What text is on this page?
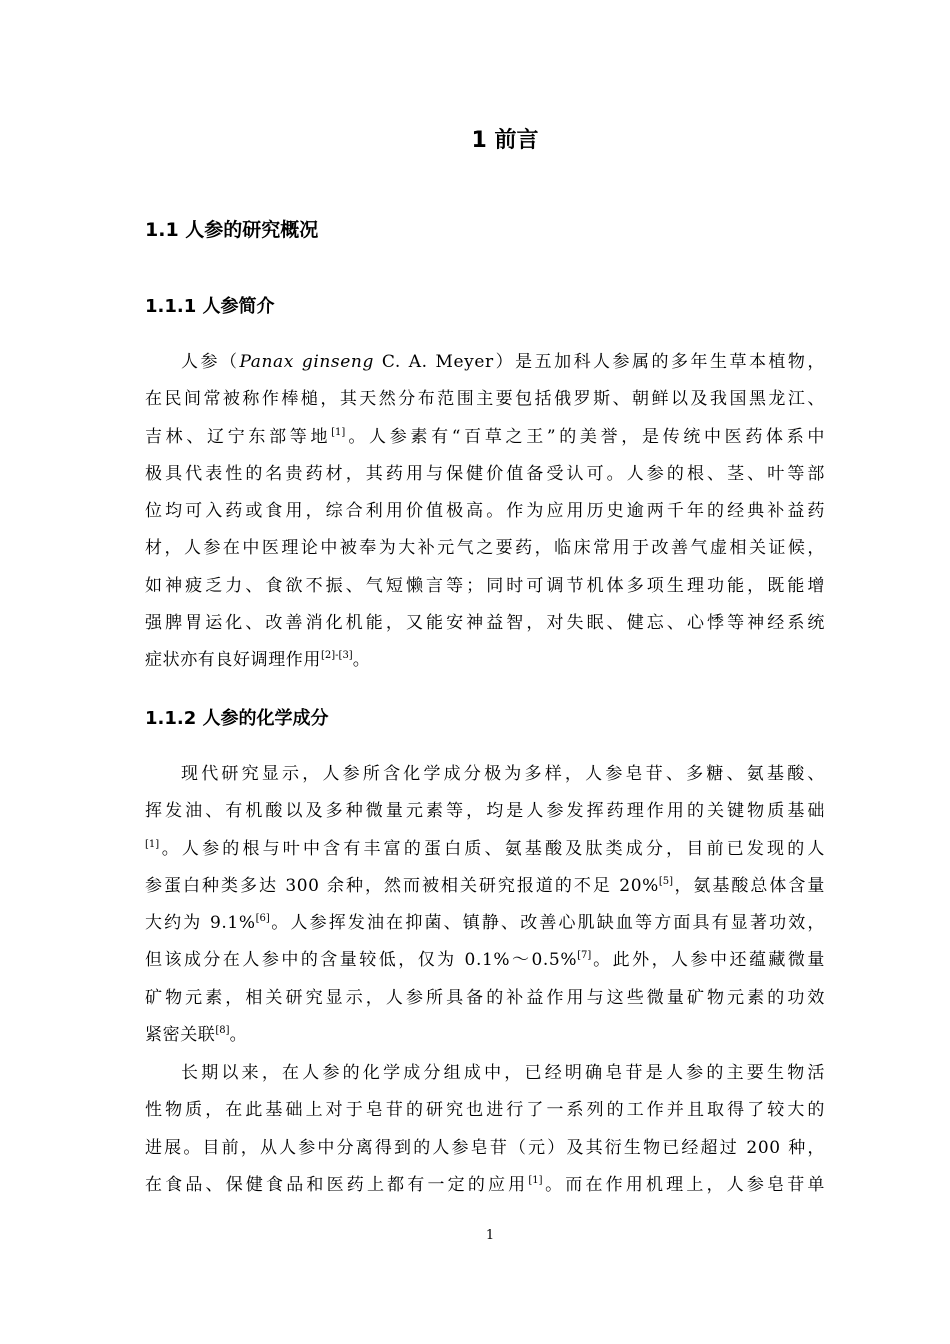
1 前言
1.1 人参的研究概况
1.1.1 人参简介
人参（Panax ginseng C. A. Meyer）是五加科人参属的多年生草本植物，
在民间常被称作棒槌，其天然分布范围主要包括俄罗斯、朝鲜以及我国黑龙江、
吉林、辽宁东部等地[1]。人参素有“百草之王”的美誉，是传统中医药体系中
极具代表性的名贵药材，其药用与保健价值备受认可。人参的根、茎、叶等部
位均可入药或食用，综合利用价值极高。作为应用历史逾两千年的经典补益药
材，人参在中医理论中被奉为大补元气之要药，临床常用于改善气虚相关证候，
如神疲乏力、食欲不振、气短懒言等；同时可调节机体多项生理功能，既能增
强脾胃运化、改善消化机能，又能安神益智，对失眠、健忘、心悸等神经系统
症状亦有良好调理作用[2]-[3]。
1.1.2 人参的化学成分
现代研究显示，人参所含化学成分极为多样，人参皂苷、多糖、氨基酸、
挥发油、有机酸以及多种微量元素等，均是人参发挥药理作用的关键物质基础
[1]。人参的根与叶中含有丰富的蛋白质、氨基酸及肽类成分，目前已发现的人
参蛋白种类多达 300 余种，然而被相关研究报道的不足 20%[5]，氨基酸总体含量
大约为 9.1%[6]。人参挥发油在抑菌、镇静、改善心肌缺血等方面具有显著功效，
但该成分在人参中的含量较低，仅为 0.1%～0.5%[7]。此外，人参中还蕴藏微量
矿物元素，相关研究显示，人参所具备的补益作用与这些微量矿物元素的功效
紧密关联[8]。
长期以来，在人参的化学成分组成中，已经明确皂苷是人参的主要生物活
性物质，在此基础上对于皂苷的研究也进行了一系列的工作并且取得了较大的
进展。目前，从人参中分离得到的人参皂苷（元）及其衍生物已经超过 200 种，
在食品、保健食品和医药上都有一定的应用[1]。而在作用机理上，人参皂苷单
1
